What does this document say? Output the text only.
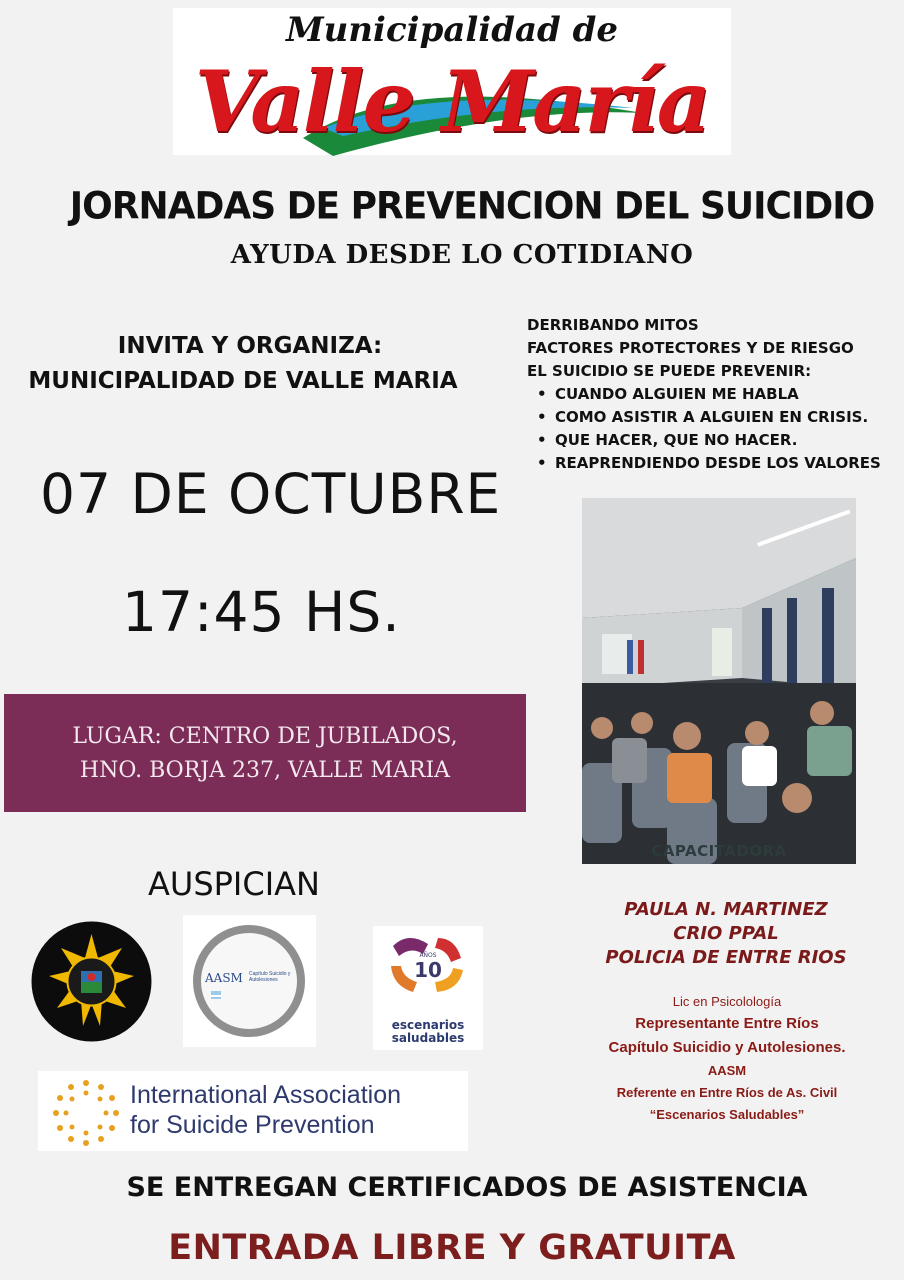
Municipalidad de
Valle María
JORNADAS DE PREVENCION DEL SUICIDIO
AYUDA DESDE LO COTIDIANO
INVITA Y ORGANIZA:
MUNICIPALIDAD DE VALLE MARIA
DERRIBANDO MITOS
FACTORES PROTECTORES Y DE RIESGO
EL SUICIDIO SE PUEDE PREVENIR:
• CUANDO ALGUIEN ME HABLA
• COMO ASISTIR A ALGUIEN EN CRISIS.
• QUE HACER, QUE NO HACER.
• REAPRENDIENDO DESDE LOS VALORES
07 DE OCTUBRE
17:45 HS.
LUGAR: CENTRO DE JUBILADOS,
HNO. BORJA 237, VALLE MARIA
CAPACITADORA
AUSPICIAN
AASM Capítulo Suicidio y Autolesiones	10
AÑOS
escenarios
saludables
International Association
for Suicide Prevention
PAULA N. MARTINEZ
CRIO PPAL
POLICIA DE ENTRE RIOS
Lic en Psicolología
Representante Entre Ríos
Capítulo Suicidio y Autolesiones.
AASM
Referente en Entre Ríos de As. Civil
“Escenarios Saludables”
SE ENTREGAN CERTIFICADOS DE ASISTENCIA
ENTRADA LIBRE Y GRATUITA
